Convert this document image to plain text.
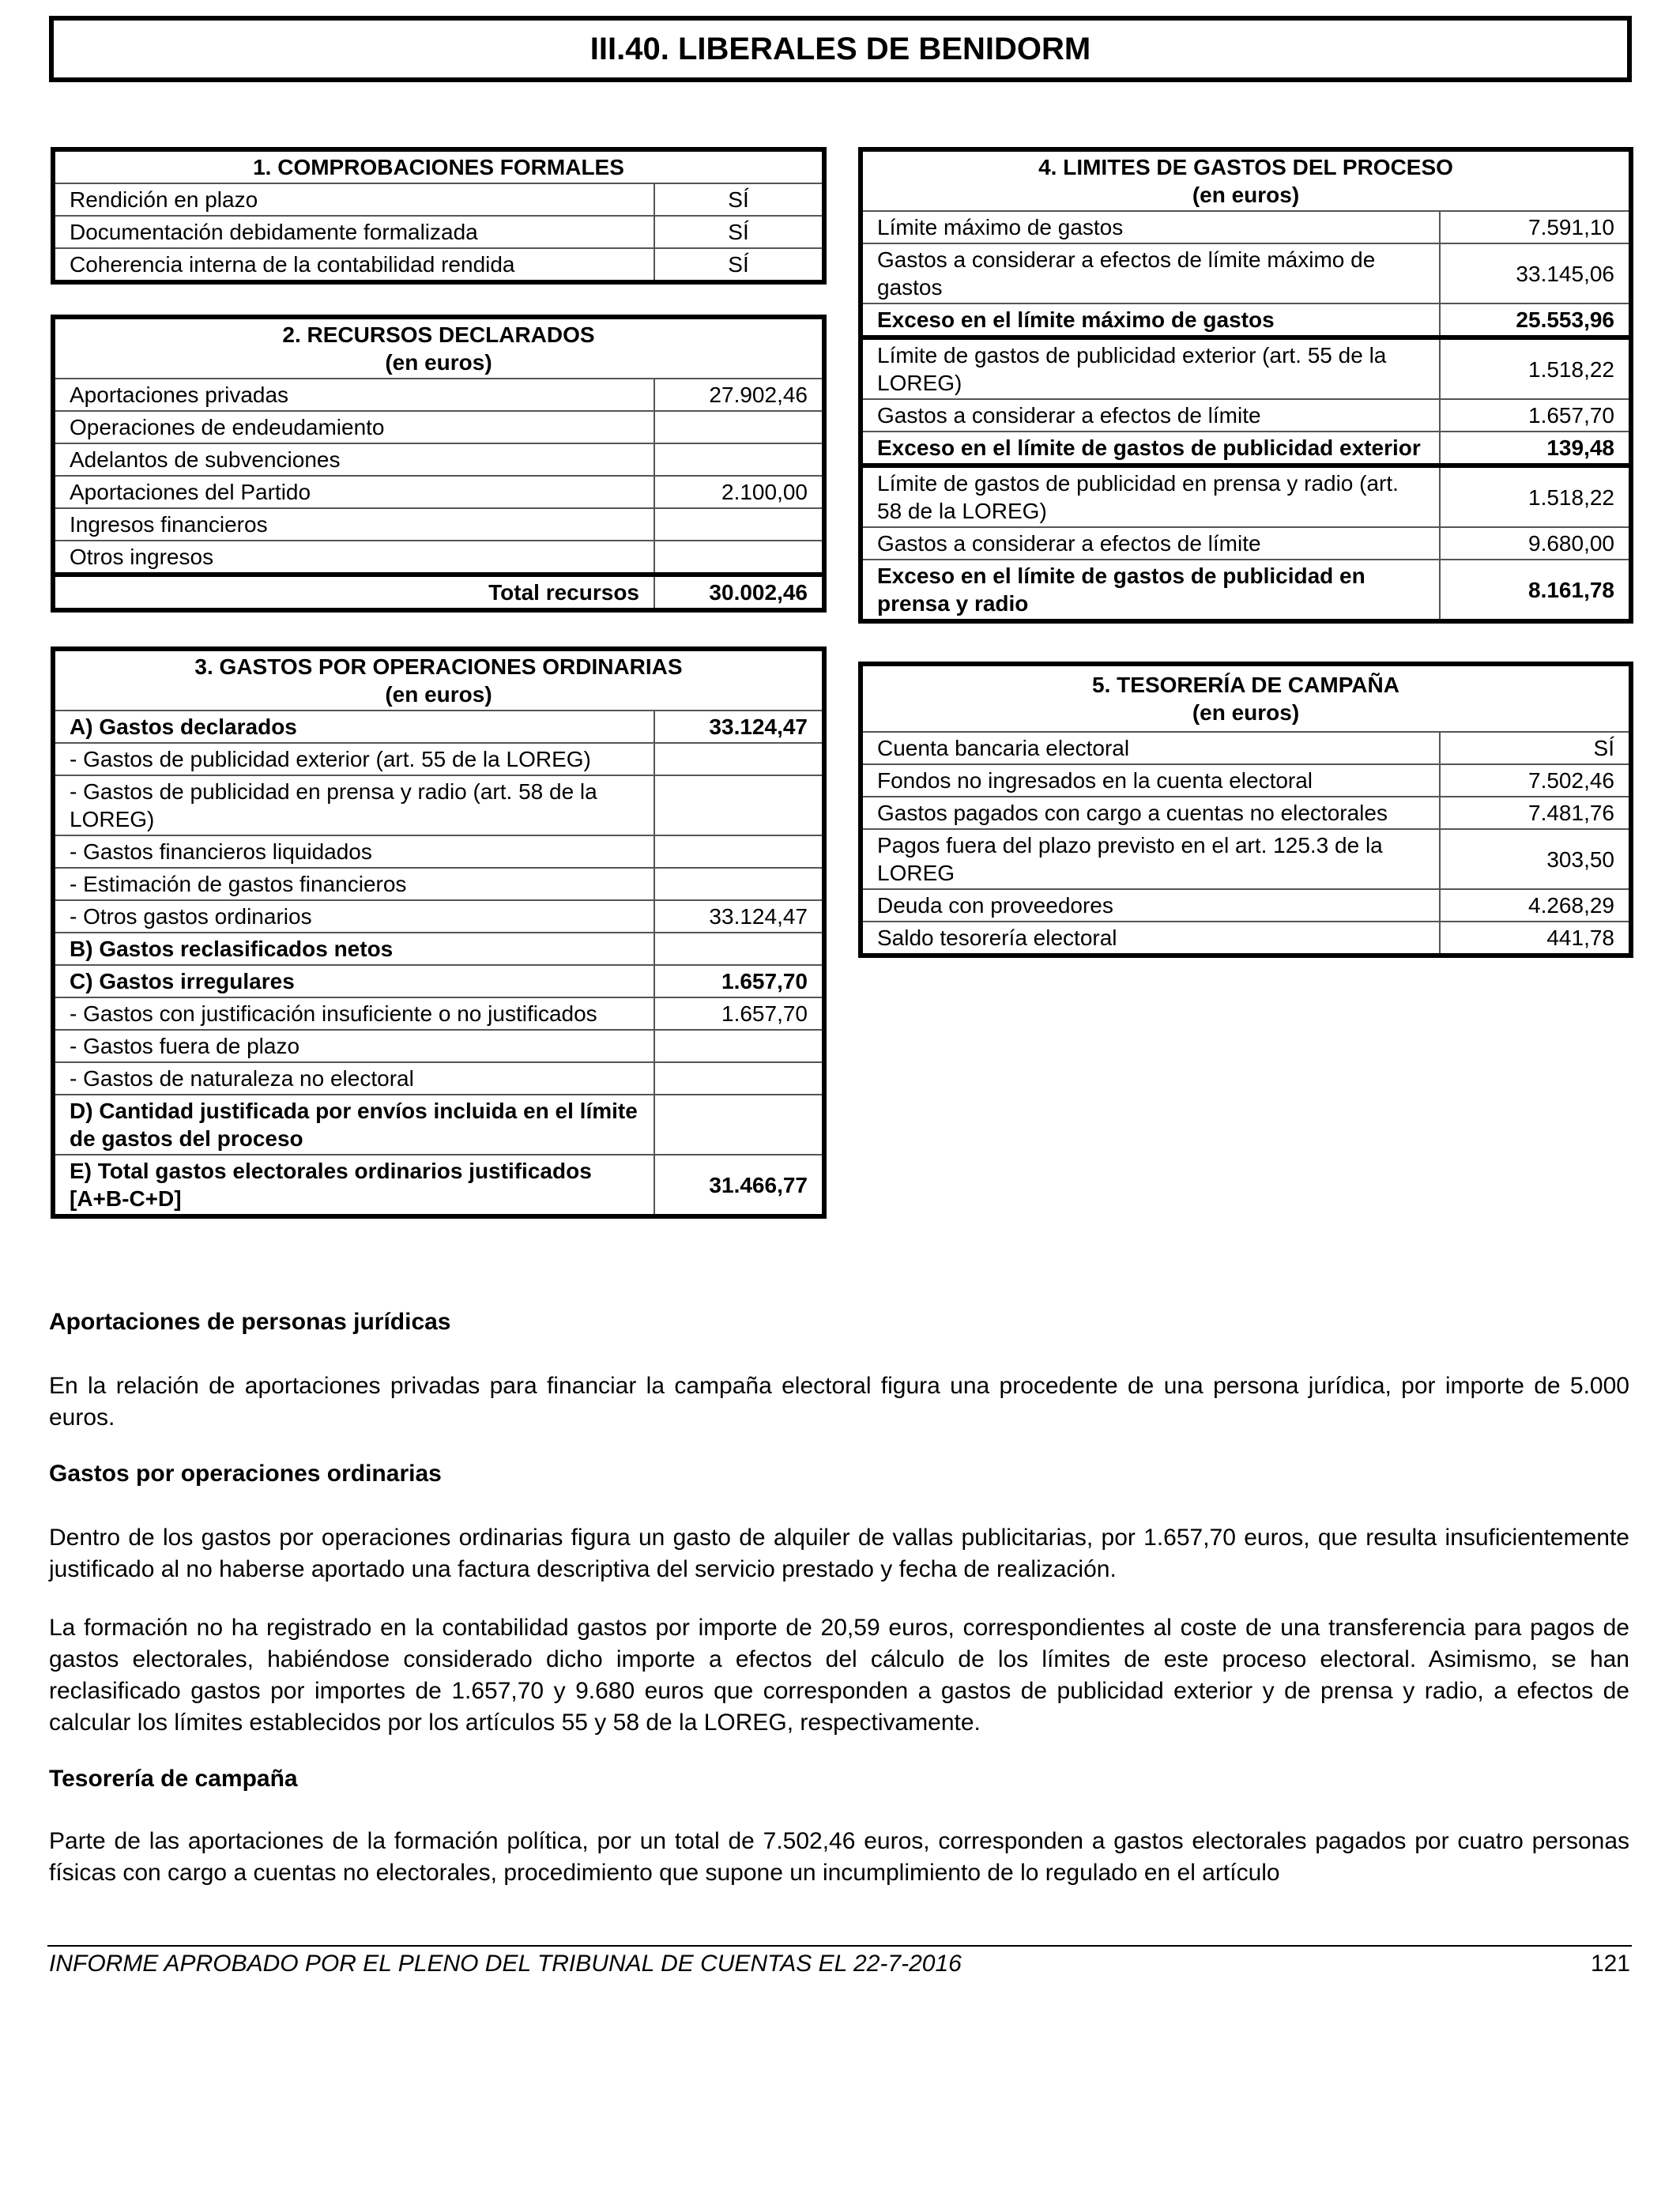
III.40. LIBERALES DE BENIDORM
1. COMPROBACIONES FORMALES	
Rendición en plazo	SÍ
Documentación debidamente formalizada	SÍ
Coherencia interna de la contabilidad rendida	SÍ
2. RECURSOS DECLARADOS
(en euros)	

Aportaciones privadas	27.902,46
Operaciones de endeudamiento	
Adelantos de subvenciones	
Aportaciones del Partido	2.100,00
Ingresos financieros	
Otros ingresos	
Total recursos	30.002,46
3. GASTOS POR OPERACIONES ORDINARIAS
(en euros)	

A) Gastos declarados	33.124,47
- Gastos de publicidad exterior (art. 55 de la LOREG)	
- Gastos de publicidad en prensa y radio (art. 58 de la LOREG)	
- Gastos financieros liquidados	
- Estimación de gastos financieros	
- Otros gastos ordinarios	33.124,47
B) Gastos reclasificados netos	
C) Gastos irregulares	1.657,70
- Gastos con justificación insuficiente o no justificados	1.657,70
- Gastos fuera de plazo	
- Gastos de naturaleza no electoral	
D) Cantidad justificada por envíos incluida en el límite de gastos del proceso	
E) Total gastos electorales ordinarios justificados [A+B-C+D]	31.466,77
4. LIMITES DE GASTOS DEL PROCESO
(en euros)	

Límite máximo de gastos	7.591,10
Gastos a considerar a efectos de límite máximo de gastos	33.145,06
Exceso en el límite máximo de gastos	25.553,96
Límite de gastos de publicidad exterior (art. 55 de la LOREG)	1.518,22
Gastos a considerar a efectos de límite	1.657,70
Exceso en el límite de gastos de publicidad exterior	139,48
Límite de gastos de publicidad en prensa y radio (art. 58 de la LOREG)	1.518,22
Gastos a considerar a efectos de límite	9.680,00
Exceso en el límite de gastos de publicidad en prensa y radio	8.161,78
5. TESORERÍA DE CAMPAÑA
(en euros)	

Cuenta bancaria electoral	SÍ
Fondos no ingresados en la cuenta electoral	7.502,46
Gastos pagados con cargo a cuentas no electorales	7.481,76
Pagos fuera del plazo previsto en el art. 125.3 de la LOREG	303,50
Deuda con proveedores	4.268,29
Saldo tesorería electoral	441,78
Aportaciones de personas jurídicas
En la relación de aportaciones privadas para financiar la campaña electoral figura una procedente de una persona jurídica, por importe de 5.000 euros.
Gastos por operaciones ordinarias
Dentro de los gastos por operaciones ordinarias figura un gasto de alquiler de vallas publicitarias, por 1.657,70 euros, que resulta insuficientemente justificado al no haberse aportado una factura descriptiva del servicio prestado y fecha de realización.
La formación no ha registrado en la contabilidad gastos por importe de 20,59 euros, correspondientes al coste de una transferencia para pagos de gastos electorales, habiéndose considerado dicho importe a efectos del cálculo de los límites de este proceso electoral. Asimismo, se han reclasificado gastos por importes de 1.657,70 y 9.680 euros que corresponden a gastos de publicidad exterior y de prensa y radio, a efectos de calcular los límites establecidos por los artículos 55 y 58 de la LOREG, respectivamente.
Tesorería de campaña
Parte de las aportaciones de la formación política, por un total de 7.502,46 euros, corresponden a gastos electorales pagados por cuatro personas físicas con cargo a cuentas no electorales, procedimiento que supone un incumplimiento de lo regulado en el artículo
INFORME APROBADO POR EL PLENO DEL TRIBUNAL DE CUENTAS EL 22-7-2016	121
